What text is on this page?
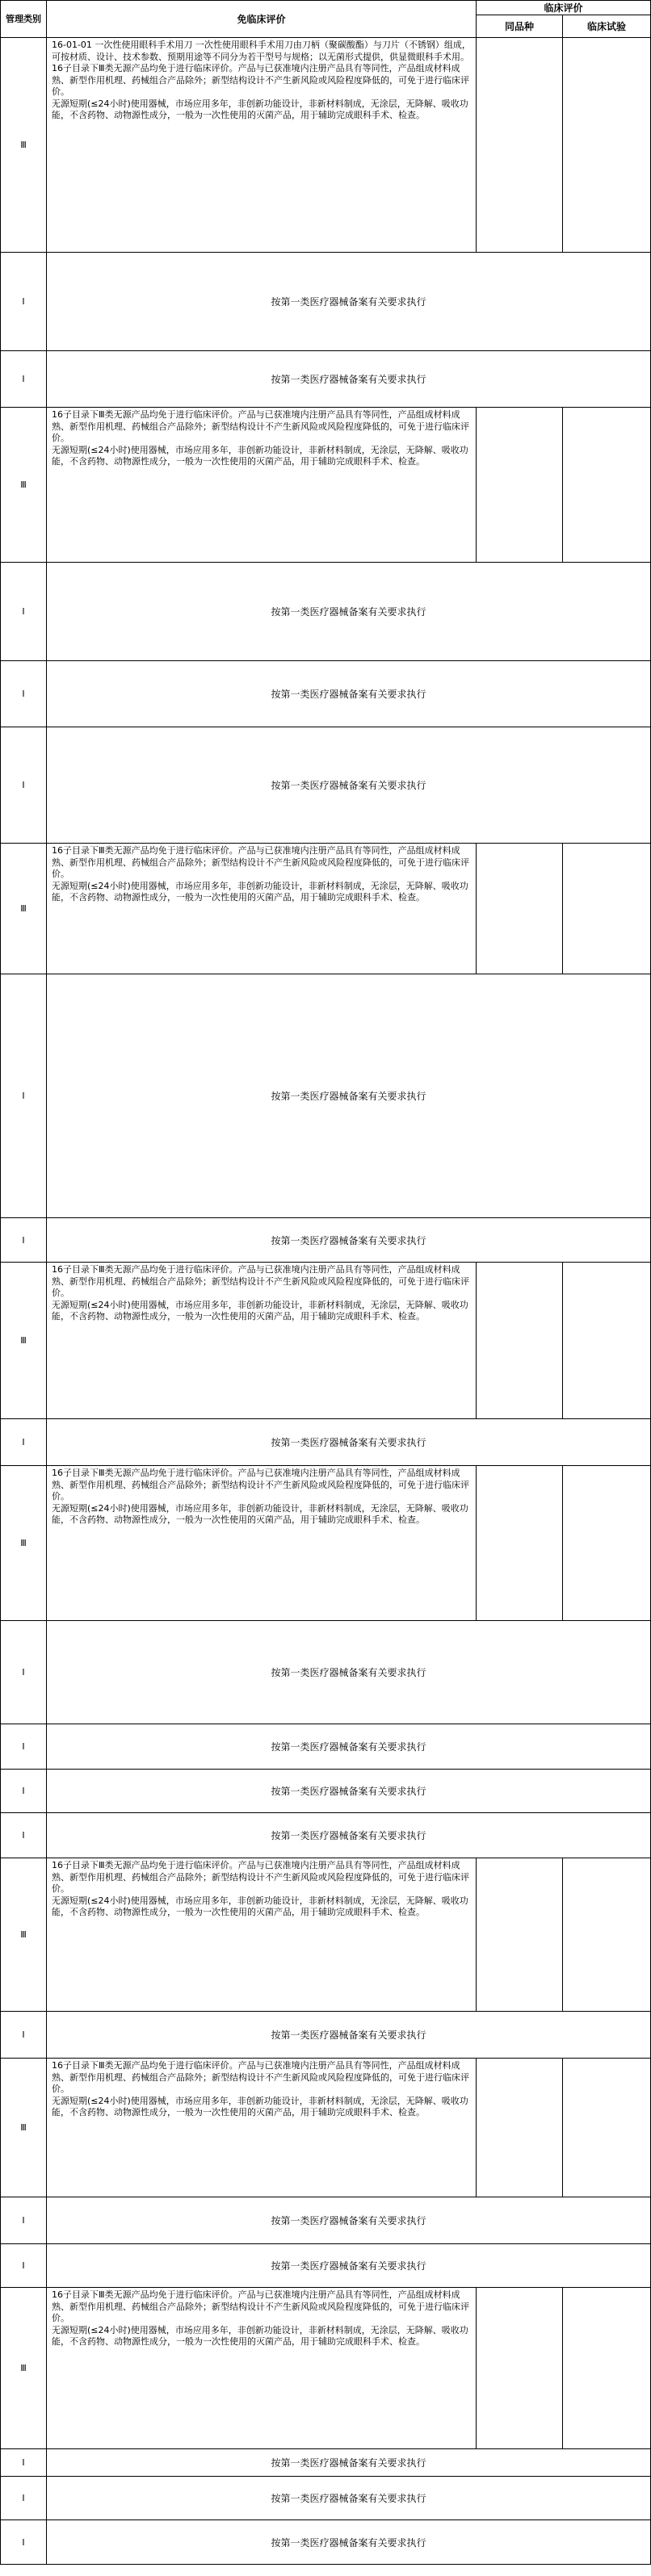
管理类别	免临床评价	临床评价	
		同品种	临床试验
Ⅲ	16-01-01 一次性使用眼科手术用刀 一次性使用眼科手术用刀由刀柄（聚碳酸酯）与刀片（不锈钢）组成，可按材质、设计、技术参数、预期用途等不同分为若干型号与规格；以无菌形式提供，供显微眼科手术用。
16子目录下Ⅲ类无源产品均免于进行临床评价。产品与已获准境内注册产品具有等同性，产品组成材料成熟、新型作用机理、药械组合产品除外；新型结构设计不产生新风险或风险程度降低的，可免于进行临床评价。
无源短期(≤24小时)使用器械，市场应用多年，非创新功能设计，非新材料制成，无涂层，无降解、吸收功能，不含药物、动物源性成分，一般为一次性使用的灭菌产品，用于辅助完成眼科手术、检查。		
Ⅰ	按第一类医疗器械备案有关要求执行		
Ⅰ	按第一类医疗器械备案有关要求执行		
Ⅲ	16子目录下Ⅲ类无源产品均免于进行临床评价。产品与已获准境内注册产品具有等同性，产品组成材料成熟、新型作用机理、药械组合产品除外；新型结构设计不产生新风险或风险程度降低的，可免于进行临床评价。
无源短期(≤24小时)使用器械，市场应用多年，非创新功能设计，非新材料制成，无涂层，无降解、吸收功能，不含药物、动物源性成分，一般为一次性使用的灭菌产品，用于辅助完成眼科手术、检查。		
Ⅰ	按第一类医疗器械备案有关要求执行		
Ⅰ	按第一类医疗器械备案有关要求执行		
Ⅰ	按第一类医疗器械备案有关要求执行		
Ⅲ	16子目录下Ⅲ类无源产品均免于进行临床评价。产品与已获准境内注册产品具有等同性，产品组成材料成熟、新型作用机理、药械组合产品除外；新型结构设计不产生新风险或风险程度降低的，可免于进行临床评价。
无源短期(≤24小时)使用器械，市场应用多年，非创新功能设计，非新材料制成，无涂层，无降解、吸收功能，不含药物、动物源性成分，一般为一次性使用的灭菌产品，用于辅助完成眼科手术、检查。		
Ⅰ	按第一类医疗器械备案有关要求执行		
Ⅰ	按第一类医疗器械备案有关要求执行		
Ⅲ	16子目录下Ⅲ类无源产品均免于进行临床评价。产品与已获准境内注册产品具有等同性，产品组成材料成熟、新型作用机理、药械组合产品除外；新型结构设计不产生新风险或风险程度降低的，可免于进行临床评价。
无源短期(≤24小时)使用器械，市场应用多年，非创新功能设计，非新材料制成，无涂层，无降解、吸收功能，不含药物、动物源性成分，一般为一次性使用的灭菌产品，用于辅助完成眼科手术、检查。		
Ⅰ	按第一类医疗器械备案有关要求执行		
Ⅲ	16子目录下Ⅲ类无源产品均免于进行临床评价。产品与已获准境内注册产品具有等同性，产品组成材料成熟、新型作用机理、药械组合产品除外；新型结构设计不产生新风险或风险程度降低的，可免于进行临床评价。
无源短期(≤24小时)使用器械，市场应用多年，非创新功能设计，非新材料制成，无涂层，无降解、吸收功能，不含药物、动物源性成分，一般为一次性使用的灭菌产品，用于辅助完成眼科手术、检查。		
Ⅰ	按第一类医疗器械备案有关要求执行		
Ⅰ	按第一类医疗器械备案有关要求执行		
Ⅰ	按第一类医疗器械备案有关要求执行		
Ⅰ	按第一类医疗器械备案有关要求执行		
Ⅲ	16子目录下Ⅲ类无源产品均免于进行临床评价。产品与已获准境内注册产品具有等同性，产品组成材料成熟、新型作用机理、药械组合产品除外；新型结构设计不产生新风险或风险程度降低的，可免于进行临床评价。
无源短期(≤24小时)使用器械，市场应用多年，非创新功能设计，非新材料制成，无涂层，无降解、吸收功能，不含药物、动物源性成分，一般为一次性使用的灭菌产品，用于辅助完成眼科手术、检查。		
Ⅰ	按第一类医疗器械备案有关要求执行		
Ⅲ	16子目录下Ⅲ类无源产品均免于进行临床评价。产品与已获准境内注册产品具有等同性，产品组成材料成熟、新型作用机理、药械组合产品除外；新型结构设计不产生新风险或风险程度降低的，可免于进行临床评价。
无源短期(≤24小时)使用器械，市场应用多年，非创新功能设计，非新材料制成，无涂层，无降解、吸收功能，不含药物、动物源性成分，一般为一次性使用的灭菌产品，用于辅助完成眼科手术、检查。		
Ⅰ	按第一类医疗器械备案有关要求执行		
Ⅰ	按第一类医疗器械备案有关要求执行		
Ⅲ	16子目录下Ⅲ类无源产品均免于进行临床评价。产品与已获准境内注册产品具有等同性，产品组成材料成熟、新型作用机理、药械组合产品除外；新型结构设计不产生新风险或风险程度降低的，可免于进行临床评价。
无源短期(≤24小时)使用器械，市场应用多年，非创新功能设计，非新材料制成，无涂层，无降解、吸收功能，不含药物、动物源性成分，一般为一次性使用的灭菌产品，用于辅助完成眼科手术、检查。		
Ⅰ	按第一类医疗器械备案有关要求执行		
Ⅰ	按第一类医疗器械备案有关要求执行		
Ⅰ	按第一类医疗器械备案有关要求执行		
